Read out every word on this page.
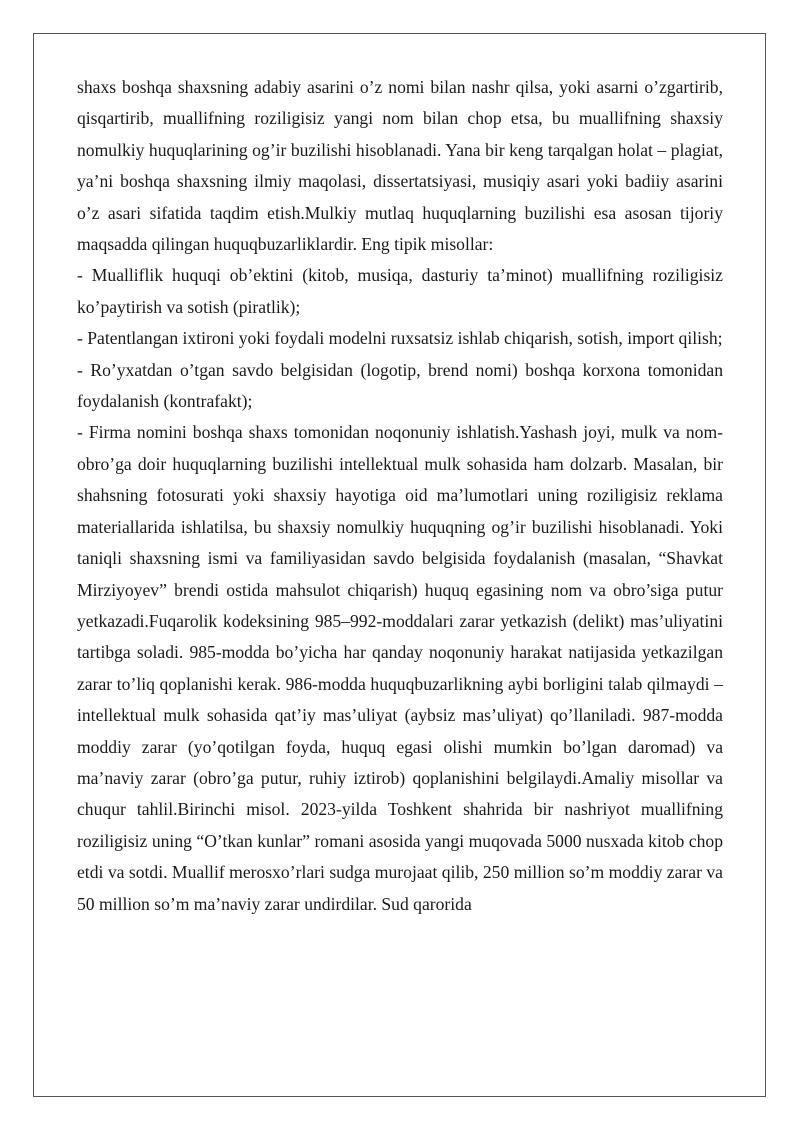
shaxs boshqa shaxsning adabiy asarini o’z nomi bilan nashr qilsa, yoki asarni o’zgartirib, qisqartirib, muallifning roziligisiz yangi nom bilan chop etsa, bu muallifning shaxsiy nomulkiy huquqlarining og’ir buzilishi hisoblanadi. Yana bir keng tarqalgan holat – plagiat, ya’ni boshqa shaxsning ilmiy maqolasi, dissertatsiyasi, musiqiy asari yoki badiiy asarini o’z asari sifatida taqdim etish.Mulkiy mutlaq huquqlarning buzilishi esa asosan tijoriy maqsadda qilingan huquqbuzarliklardir. Eng tipik misollar:

- Mualliflik huquqi ob’ektini (kitob, musiqa, dasturiy ta’minot) muallifning roziligisiz ko’paytirish va sotish (piratlik);

- Patentlangan ixtironi yoki foydali modelni ruxsatsiz ishlab chiqarish, sotish, import qilish;

- Ro’yxatdan o’tgan savdo belgisidan (logotip, brend nomi) boshqa korxona tomonidan foydalanish (kontrafakt);

- Firma nomini boshqa shaxs tomonidan noqonuniy ishlatish.Yashash joyi, mulk va nom-obro’ga doir huquqlarning buzilishi intellektual mulk sohasida ham dolzarb. Masalan, bir shahsning fotosurati yoki shaxsiy hayotiga oid ma’lumotlari uning roziligisiz reklama materiallarida ishlatilsa, bu shaxsiy nomulkiy huquqning og’ir buzilishi hisoblanadi. Yoki taniqli shaxsning ismi va familiyasidan savdo belgisida foydalanish (masalan, “Shavkat Mirziyoyev” brendi ostida mahsulot chiqarish) huquq egasining nom va obro’siga putur yetkazadi.Fuqarolik kodeksining 985–992-moddalari zarar yetkazish (delikt) mas’uliyatini tartibga soladi. 985-modda bo’yicha har qanday noqonuniy harakat natijasida yetkazilgan zarar to’liq qoplanishi kerak. 986-modda huquqbuzarlikning aybi borligini talab qilmaydi – intellektual mulk sohasida qat’iy mas’uliyat (aybsiz mas’uliyat) qo’llaniladi. 987-modda moddiy zarar (yo’qotilgan foyda, huquq egasi olishi mumkin bo’lgan daromad) va ma’naviy zarar (obro’ga putur, ruhiy iztirob) qoplanishini belgilaydi.Amaliy misollar va chuqur tahlil.Birinchi misol. 2023-yilda Toshkent shahrida bir nashriyot muallifning roziligisiz uning “O’tkan kunlar” romani asosida yangi muqovada 5000 nusxada kitob chop etdi va sotdi. Muallif merosxo’rlari sudga murojaat qilib, 250 million so’m moddiy zarar va 50 million so’m ma’naviy zarar undirdilar. Sud qarorida
